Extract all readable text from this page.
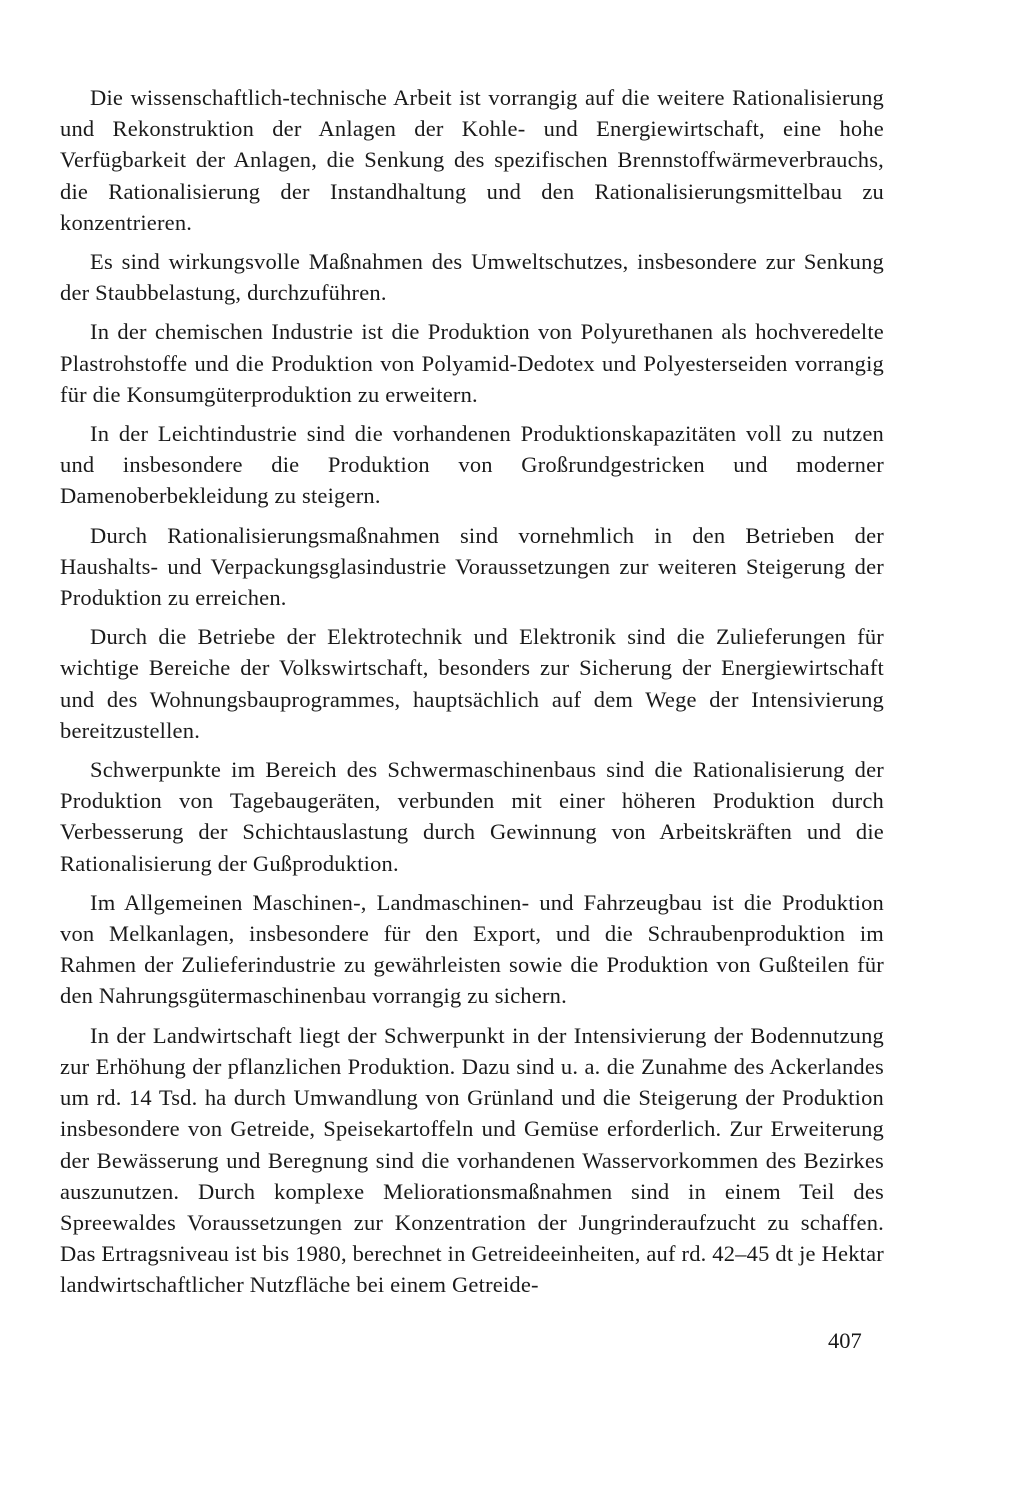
Die wissenschaftlich-technische Arbeit ist vorrangig auf die weitere Rationalisierung und Rekonstruktion der Anlagen der Kohle- und Energiewirtschaft, eine hohe Verfügbarkeit der Anlagen, die Senkung des spezifischen Brennstoffwärmeverbrauchs, die Rationalisierung der Instandhaltung und den Rationalisierungsmittelbau zu konzentrieren.

Es sind wirkungsvolle Maßnahmen des Umweltschutzes, insbesondere zur Senkung der Staubbelastung, durchzuführen.

In der chemischen Industrie ist die Produktion von Polyurethanen als hochveredelte Plastrohstoffe und die Produktion von Polyamid-Dedotex und Polyesterseiden vorrangig für die Konsumgüterproduktion zu erweitern.

In der Leichtindustrie sind die vorhandenen Produktionskapazitäten voll zu nutzen und insbesondere die Produktion von Großrundgestricken und moderner Damenoberbekleidung zu steigern.

Durch Rationalisierungsmaßnahmen sind vornehmlich in den Betrieben der Haushalts- und Verpackungsglasindustrie Voraussetzungen zur weiteren Steigerung der Produktion zu erreichen.

Durch die Betriebe der Elektrotechnik und Elektronik sind die Zulieferungen für wichtige Bereiche der Volkswirtschaft, besonders zur Sicherung der Energiewirtschaft und des Wohnungsbauprogrammes, hauptsächlich auf dem Wege der Intensivierung bereitzustellen.

Schwerpunkte im Bereich des Schwermaschinenbaus sind die Rationalisierung der Produktion von Tagebaugeräten, verbunden mit einer höheren Produktion durch Verbesserung der Schichtauslastung durch Gewinnung von Arbeitskräften und die Rationalisierung der Gußproduktion.

Im Allgemeinen Maschinen-, Landmaschinen- und Fahrzeugbau ist die Produktion von Melkanlagen, insbesondere für den Export, und die Schraubenproduktion im Rahmen der Zulieferindustrie zu gewährleisten sowie die Produktion von Gußteilen für den Nahrungsgütermaschinenbau vorrangig zu sichern.

In der Landwirtschaft liegt der Schwerpunkt in der Intensivierung der Bodennutzung zur Erhöhung der pflanzlichen Produktion. Dazu sind u. a. die Zunahme des Ackerlandes um rd. 14 Tsd. ha durch Umwandlung von Grünland und die Steigerung der Produktion insbesondere von Getreide, Speisekartoffeln und Gemüse erforderlich. Zur Erweiterung der Bewässerung und Beregnung sind die vorhandenen Wasservorkommen des Bezirkes auszunutzen. Durch komplexe Meliorationsmaßnahmen sind in einem Teil des Spreewaldes Voraussetzungen zur Konzentration der Jungrinderaufzucht zu schaffen. Das Ertragsniveau ist bis 1980, berechnet in Getreideeinheiten, auf rd. 42–45 dt je Hektar landwirtschaftlicher Nutzfläche bei einem Getreide-

407
